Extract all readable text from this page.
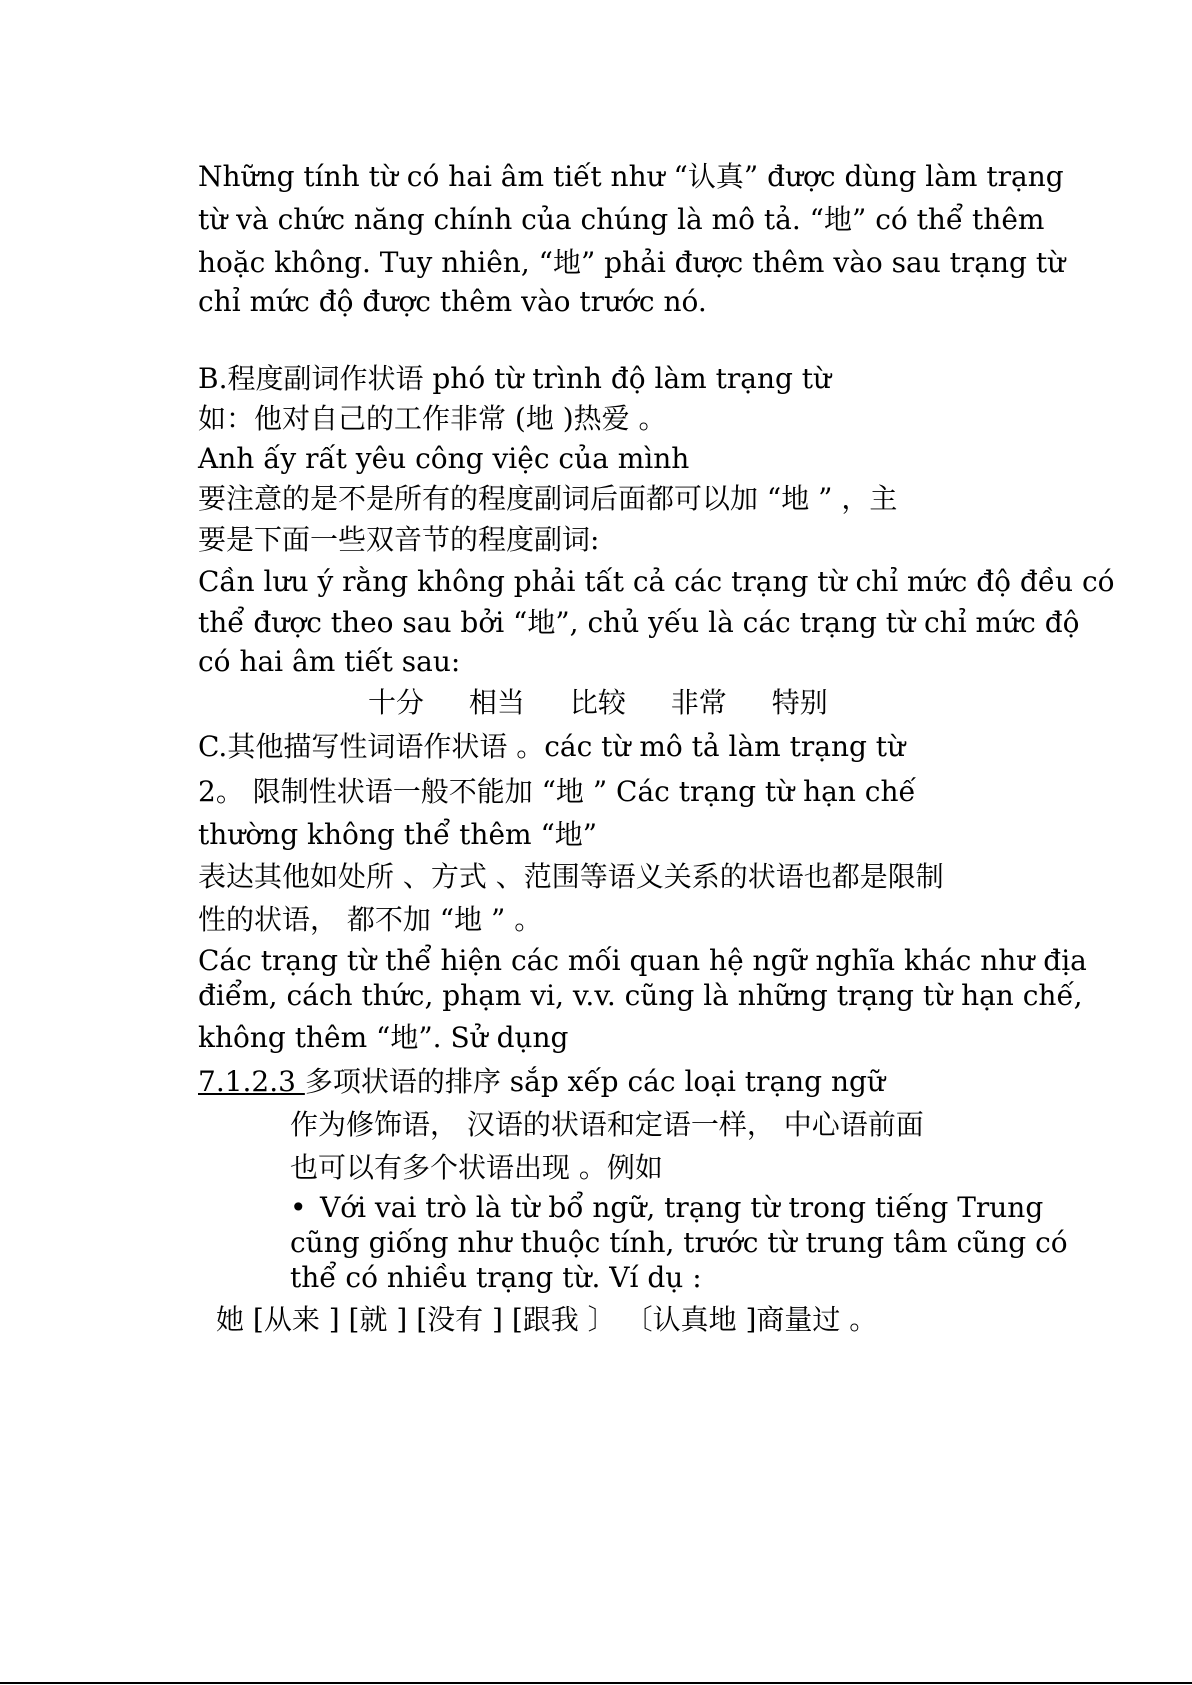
Những tính từ có hai âm tiết như “认真” được dùng làm trạng
từ và chức năng chính của chúng là mô tả. “地” có thể thêm
hoặc không. Tuy nhiên, “地” phải được thêm vào sau trạng từ
chỉ mức độ được thêm vào trước nó.
B.程度副词作状语 phó từ trình độ làm trạng từ
如：他对自己的工作非常 (地 )热爱 。
Anh ấy rất yêu công việc của mình
要注意的是不是所有的程度副词后面都可以加 “地 ” ，主
要是下面一些双音节的程度副词:
Cần lưu ý rằng không phải tất cả các trạng từ chỉ mức độ đều có
thể được theo sau bởi “地”, chủ yếu là các trạng từ chỉ mức độ
có hai âm tiết sau:
十分 相当 比较 非常 特别
C.其他描写性词语作状语 。các từ mô tả làm trạng từ
2。 限制性状语一般不能加 “地 ” Các trạng từ hạn chế
thường không thể thêm “地”
表达其他如处所 、方式 、范围等语义关系的状语也都是限制
性的状语， 都不加 “地 ” 。
Các trạng từ thể hiện các mối quan hệ ngữ nghĩa khác như địa
điểm, cách thức, phạm vi, v.v. cũng là những trạng từ hạn chế,
không thêm “地”. Sử dụng
7.1.2.3 多项状语的排序 sắp xếp các loại trạng ngữ
作为修饰语， 汉语的状语和定语一样， 中心语前面
也可以有多个状语出现 。例如
• Với vai trò là từ bổ ngữ, trạng từ trong tiếng Trung
cũng giống như thuộc tính, trước từ trung tâm cũng có
thể có nhiều trạng từ. Ví dụ :
她 [从来 ] [就 ] [没有 ] [跟我 〕 〔认真地 ]商量过 。
